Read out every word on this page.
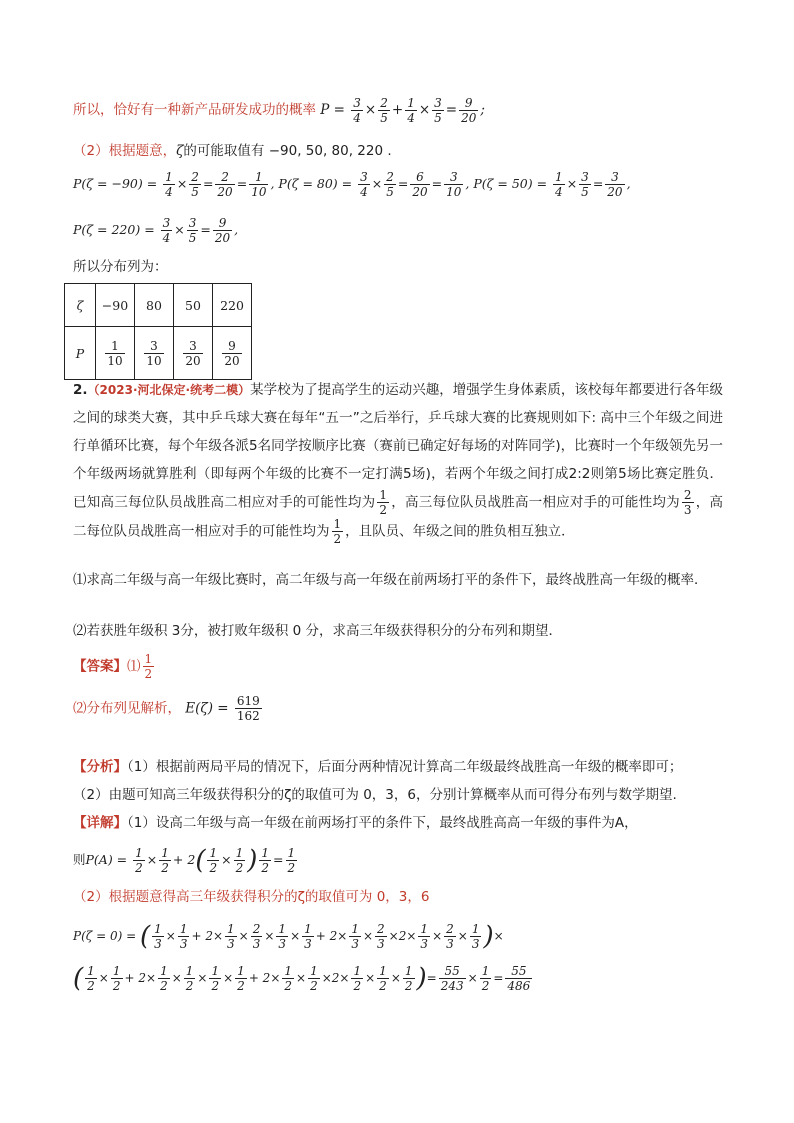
所以，恰好有一种新产品研发成功的概率 $P = \frac{3}{4} \times \frac{2}{5} + \frac{1}{4} \times \frac{3}{5} = \frac{9}{20}$ ;
（2）根据题意，ζ的可能取值有 −90, 50, 80, 220 .
$P(\zeta = -90) = \frac{1}{4} \times \frac{2}{5} = \frac{2}{20} = \frac{1}{10}$ , $P(\zeta = 80) = \frac{3}{4} \times \frac{2}{5} = \frac{6}{20} = \frac{3}{10}$ , $P(\zeta = 50) = \frac{1}{4} \times \frac{3}{5} = \frac{3}{20}$ ,
$P(\zeta = 220) = \frac{3}{4} \times \frac{3}{5} = \frac{9}{20}$ ,
所以分布列为：
ζ	−90	80	50	220
P	$\frac{1}{10}$	$\frac{3}{10}$	$\frac{3}{20}$	$\frac{9}{20}$
2.（2023·河北保定·统考二模）某学校为了提高学生的运动兴趣，增强学生身体素质，该校每年都要进行各年级之间的球类大赛，其中乒乓球大赛在每年“五一”之后举行，乒乓球大赛的比赛规则如下: 高中三个年级之间进行单循环比赛，每个年级各派5名同学按顺序比赛（赛前已确定好每场的对阵同学)，比赛时一个年级领先另一个年级两场就算胜利（即每两个年级的比赛不一定打满5场)，若两个年级之间打成2:2则第5场比赛定胜负．已知高三每位队员战胜高二相应对手的可能性均为 $\frac{1}{2}$ ，高三每位队员战胜高一相应对手的可能性均为 $\frac{2}{3}$ ，高二每位队员战胜高一相应对手的可能性均为 $\frac{1}{2}$ ，且队员、年级之间的胜负相互独立．
⑴求高二年级与高一年级比赛时，高二年级与高一年级在前两场打平的条件下，最终战胜高一年级的概率．
⑵若获胜年级积 3分，被打败年级积 0 分，求高三年级获得积分的分布列和期望．
【答案】⑴ $\frac{1}{2}$
⑵分布列见解析， $E(\zeta) = \frac{619}{162}$
【分析】（1）根据前两局平局的情况下，后面分两种情况计算高二年级最终战胜高一年级的概率即可；
（2）由题可知高三年级获得积分的ζ的取值可为 0，3，6，分别计算概率从而可得分布列与数学期望.
【详解】（1）设高二年级与高一年级在前两场打平的条件下，最终战胜高高一年级的事件为A，
则$P(A) = \frac{1}{2} \times \frac{1}{2} + 2( \frac{1}{2} \times \frac{1}{2}$ ) $\frac{1}{2} = \frac{1}{2}$
（2）根据题意得高三年级获得积分的ζ的取值可为 0，3，6
P(ζ = 0) = ( $\frac{1}{3} \times \frac{1}{3} + 2\times \frac{1}{3} \times \frac{2}{3} \times \frac{1}{3} \times \frac{1}{3} + 2\times \frac{1}{3} \times \frac{2}{3} \times 2\times \frac{1}{3} \times \frac{2}{3} \times \frac{1}{3}$ )×
( $\frac{1}{2} \times \frac{1}{2} + 2\times \frac{1}{2} \times \frac{1}{2} \times \frac{1}{2} \times \frac{1}{2} + 2\times \frac{1}{2} \times \frac{1}{2} \times 2\times \frac{1}{2} \times \frac{1}{2} \times \frac{1}{2}$ )= $\frac{55}{243} \times \frac{1}{2} = \frac{55}{486}$
